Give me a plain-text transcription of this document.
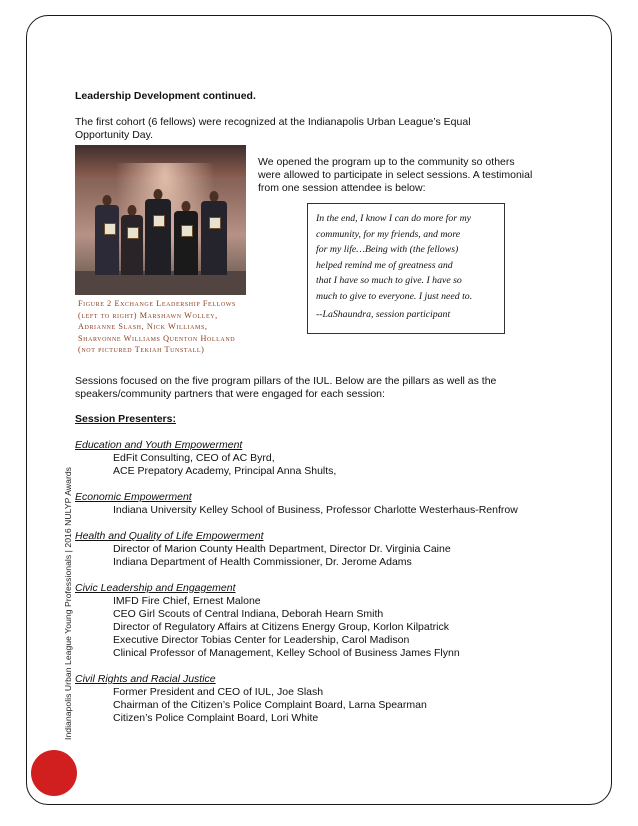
Indianapolis Urban League Young Professionals | 2016 NULYP Awards
Leadership Development continued.
The first cohort (6 fellows) were recognized at the Indianapolis Urban League’s Equal
Opportunity Day.
Figure 2 Exchange Leadership Fellows
(left to right) Marshawn Wolley,
Adrianne Slash, Nick Williams,
Sharvonne Williams Quenton Holland
(not pictured Tekiah Tunstall)
We opened the program up to the community so others
were allowed to participate in select sessions. A testimonial
from one session attendee is below:
In the end, I know I can do more for my
community, for my friends, and more
for my life…Being with (the fellows)
helped remind me of greatness and
that I have so much to give. I have so
much to give to everyone. I just need to.
--LaShaundra, session participant
Sessions focused on the five program pillars of the IUL. Below are the pillars as well as the
speakers/community partners that were engaged for each session:
Session Presenters:
Education and Youth Empowerment
EdFit Consulting, CEO of AC Byrd,
ACE Prepatory Academy, Principal Anna Shults,
Economic Empowerment
Indiana University Kelley School of Business, Professor Charlotte Westerhaus-Renfrow
Health and Quality of Life Empowerment
Director of Marion County Health Department, Director Dr. Virginia Caine
Indiana Department of Health Commissioner, Dr. Jerome Adams
Civic Leadership and Engagement
IMFD Fire Chief, Ernest Malone
CEO Girl Scouts of Central Indiana, Deborah Hearn Smith
Director of Regulatory Affairs at Citizens Energy Group, Korlon Kilpatrick
Executive Director Tobias Center for Leadership, Carol Madison
Clinical Professor of Management, Kelley School of Business James Flynn
Civil Rights and Racial Justice
Former President and CEO of IUL, Joe Slash
Chairman of the Citizen’s Police Complaint Board, Larna Spearman
Citizen’s Police Complaint Board, Lori White
